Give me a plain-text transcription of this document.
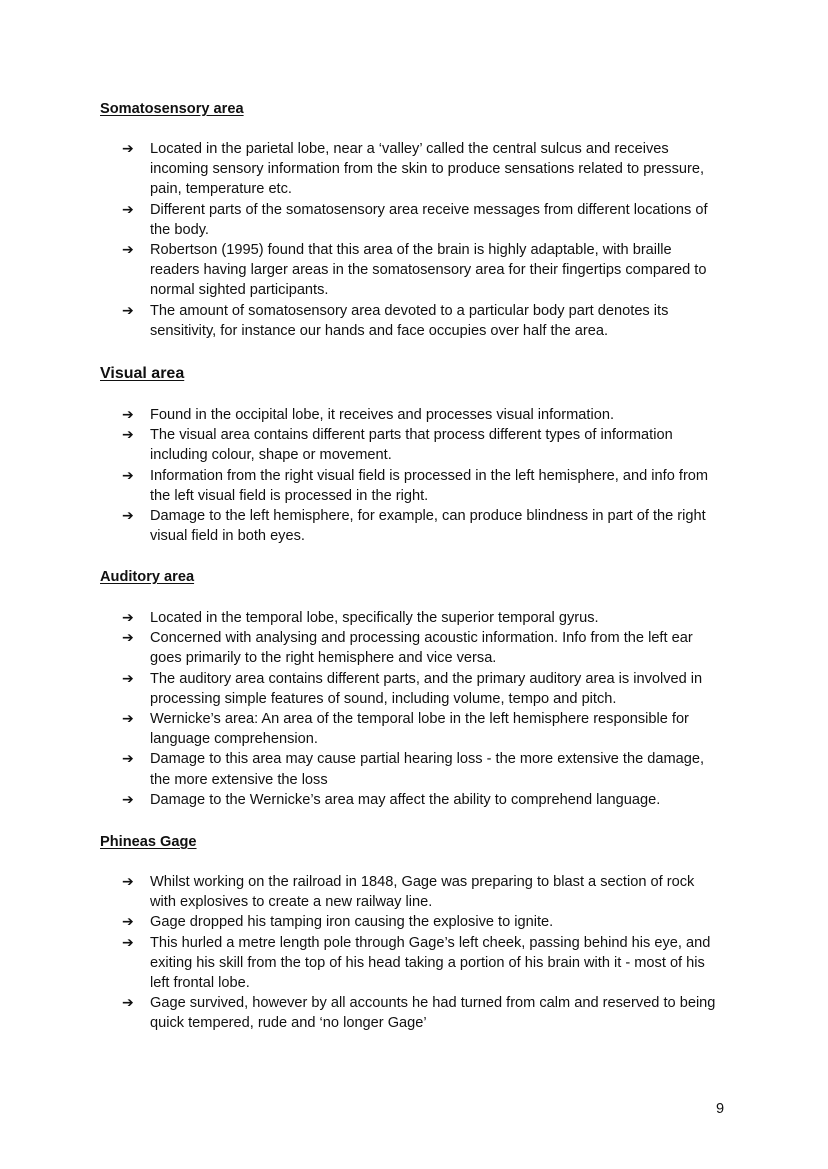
Somatosensory area
➔ Located in the parietal lobe, near a ‘valley’ called the central sulcus and receives incoming sensory information from the skin to produce sensations related to pressure, pain, temperature etc.
➔ Different parts of the somatosensory area receive messages from different locations of the body.
➔ Robertson (1995) found that this area of the brain is highly adaptable, with braille readers having larger areas in the somatosensory area for their fingertips compared to normal sighted participants.
➔ The amount of somatosensory area devoted to a particular body part denotes its sensitivity, for instance our hands and face occupies over half the area.
Visual area
➔ Found in the occipital lobe, it receives and processes visual information.
➔ The visual area contains different parts that process different types of information including colour, shape or movement.
➔ Information from the right visual field is processed in the left hemisphere, and info from the left visual field is processed in the right.
➔ Damage to the left hemisphere, for example, can produce blindness in part of the right visual field in both eyes.
Auditory area
➔ Located in the temporal lobe, specifically the superior temporal gyrus.
➔ Concerned with analysing and processing acoustic information. Info from the left ear goes primarily to the right hemisphere and vice versa.
➔ The auditory area contains different parts, and the primary auditory area is involved in processing simple features of sound, including volume, tempo and pitch.
➔ Wernicke’s area: An area of the temporal lobe in the left hemisphere responsible for language comprehension.
➔ Damage to this area may cause partial hearing loss - the more extensive the damage, the more extensive the loss
➔ Damage to the Wernicke’s area may affect the ability to comprehend language.
Phineas Gage
➔ Whilst working on the railroad in 1848, Gage was preparing to blast a section of rock with explosives to create a new railway line.
➔ Gage dropped his tamping iron causing the explosive to ignite.
➔ This hurled a metre length pole through Gage’s left cheek, passing behind his eye, and exiting his skill from the top of his head taking a portion of his brain with it - most of his left frontal lobe.
➔ Gage survived, however by all accounts he had turned from calm and reserved to being quick tempered, rude and ‘no longer Gage’
9
